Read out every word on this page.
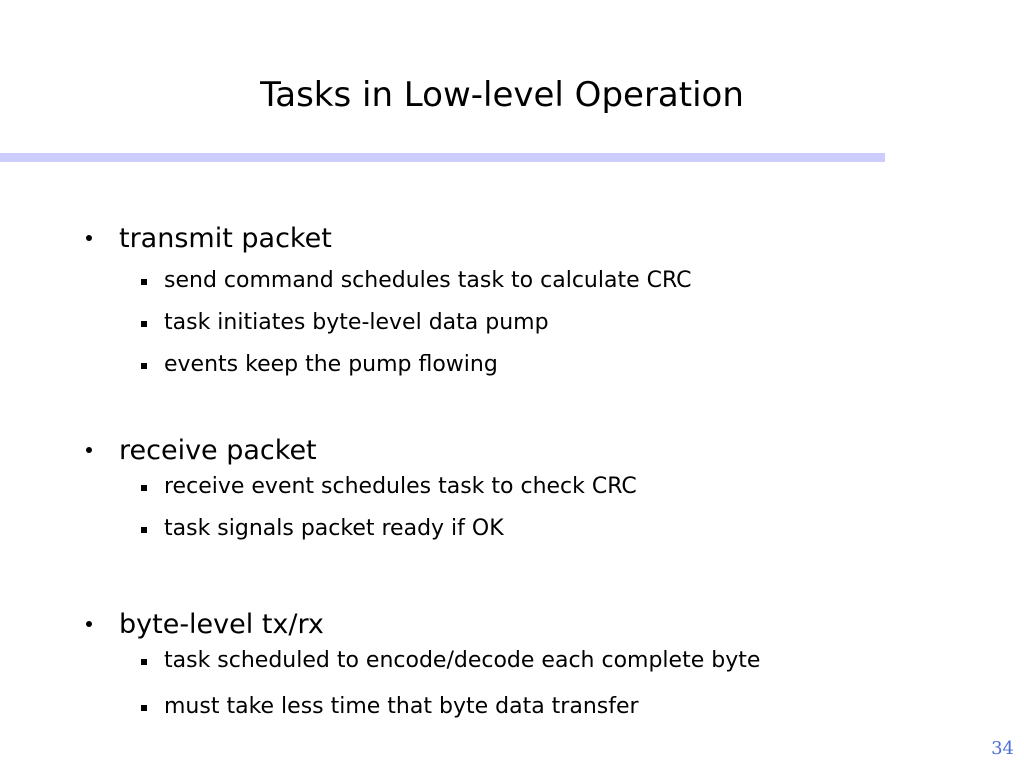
Tasks in Low-level Operation
transmit packet
send command schedules task to calculate CRC
task initiates byte-level data pump
events keep the pump flowing
receive packet
receive event schedules task to check CRC
task signals packet ready if OK
byte-level tx/rx
task scheduled to encode/decode each complete byte
must take less time that byte data transfer
34
